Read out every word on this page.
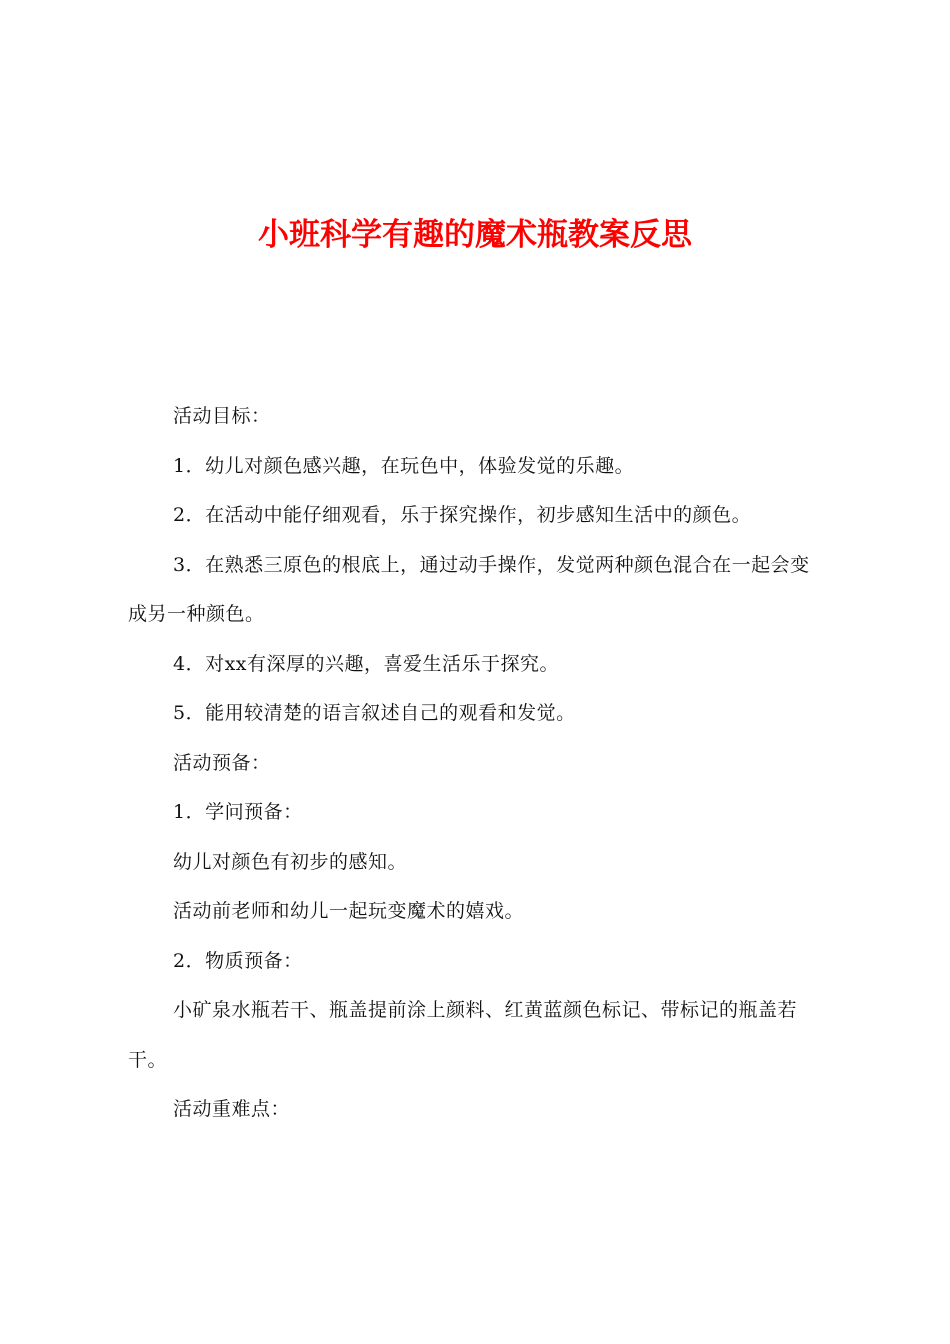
小班科学有趣的魔术瓶教案反思

活动目标：

1．幼儿对颜色感兴趣，在玩色中，体验发觉的乐趣。

2．在活动中能仔细观看，乐于探究操作，初步感知生活中的颜色。

3．在熟悉三原色的根底上，通过动手操作，发觉两种颜色混合在一起会变成另一种颜色。

4．对xx有深厚的兴趣，喜爱生活乐于探究。

5．能用较清楚的语言叙述自己的观看和发觉。

活动预备：

1．学问预备：

幼儿对颜色有初步的感知。

活动前老师和幼儿一起玩变魔术的嬉戏。

2．物质预备：

小矿泉水瓶若干、瓶盖提前涂上颜料、红黄蓝颜色标记、带标记的瓶盖若干。

活动重难点：
